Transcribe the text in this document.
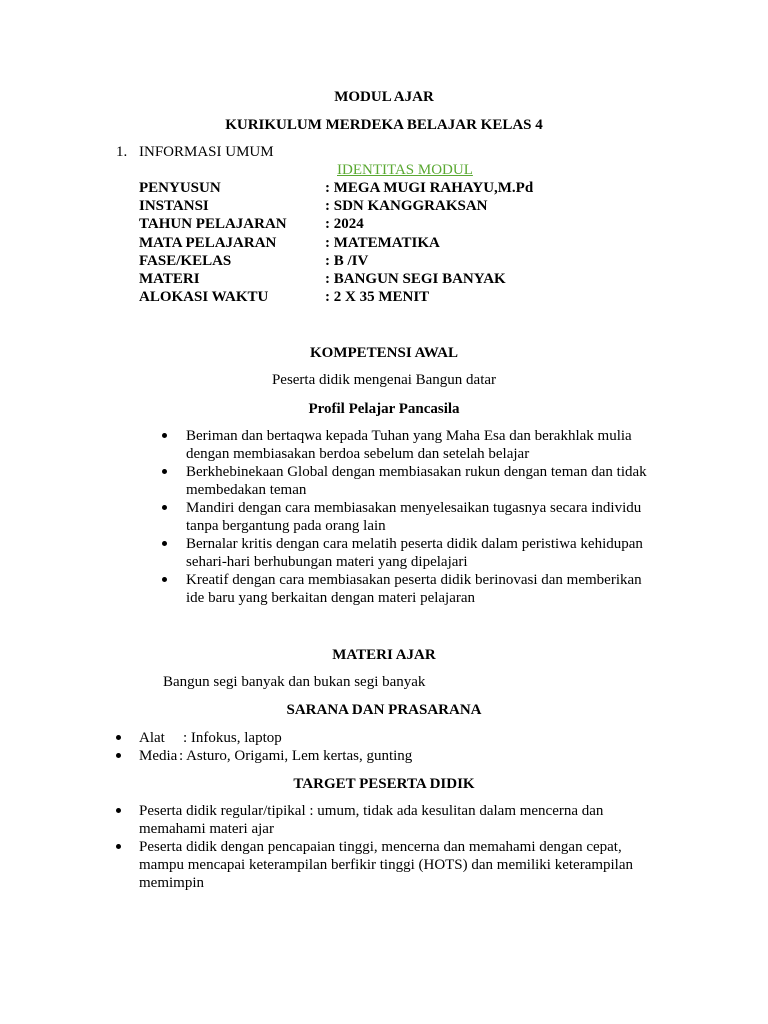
MODUL AJAR
KURIKULUM MERDEKA BELAJAR KELAS 4
1. INFORMASI UMUM
IDENTITAS MODUL
PENYUSUN	: MEGA MUGI RAHAYU,M.Pd
INSTANSI	: SDN KANGGRAKSAN
TAHUN PELAJARAN	: 2024
MATA PELAJARAN	: MATEMATIKA
FASE/KELAS	: B /IV
MATERI	: BANGUN SEGI BANYAK
ALOKASI WAKTU	: 2 X 35 MENIT
KOMPETENSI AWAL
Peserta didik mengenai Bangun datar
Profil Pelajar Pancasila
Beriman dan bertaqwa kepada Tuhan yang Maha Esa dan berakhlak mulia
dengan membiasakan berdoa sebelum dan setelah belajar
Berkhebinekaan Global dengan membiasakan rukun dengan teman dan tidak
membedakan teman
Mandiri dengan cara membiasakan menyelesaikan tugasnya secara individu
tanpa bergantung pada orang lain
Bernalar kritis dengan cara melatih peserta didik dalam peristiwa kehidupan
sehari-hari berhubungan materi yang dipelajari
Kreatif dengan cara membiasakan peserta didik berinovasi dan memberikan
ide baru yang berkaitan dengan materi pelajaran
MATERI AJAR
Bangun segi banyak dan bukan segi banyak
SARANA DAN PRASARANA
Alat : Infokus, laptop
Media : Asturo, Origami, Lem kertas, gunting
TARGET PESERTA DIDIK
Peserta didik regular/tipikal : umum, tidak ada kesulitan dalam mencerna dan
memahami materi ajar
Peserta didik dengan pencapaian tinggi, mencerna dan memahami dengan cepat,
mampu mencapai keterampilan berfikir tinggi (HOTS) dan memiliki keterampilan
memimpin
